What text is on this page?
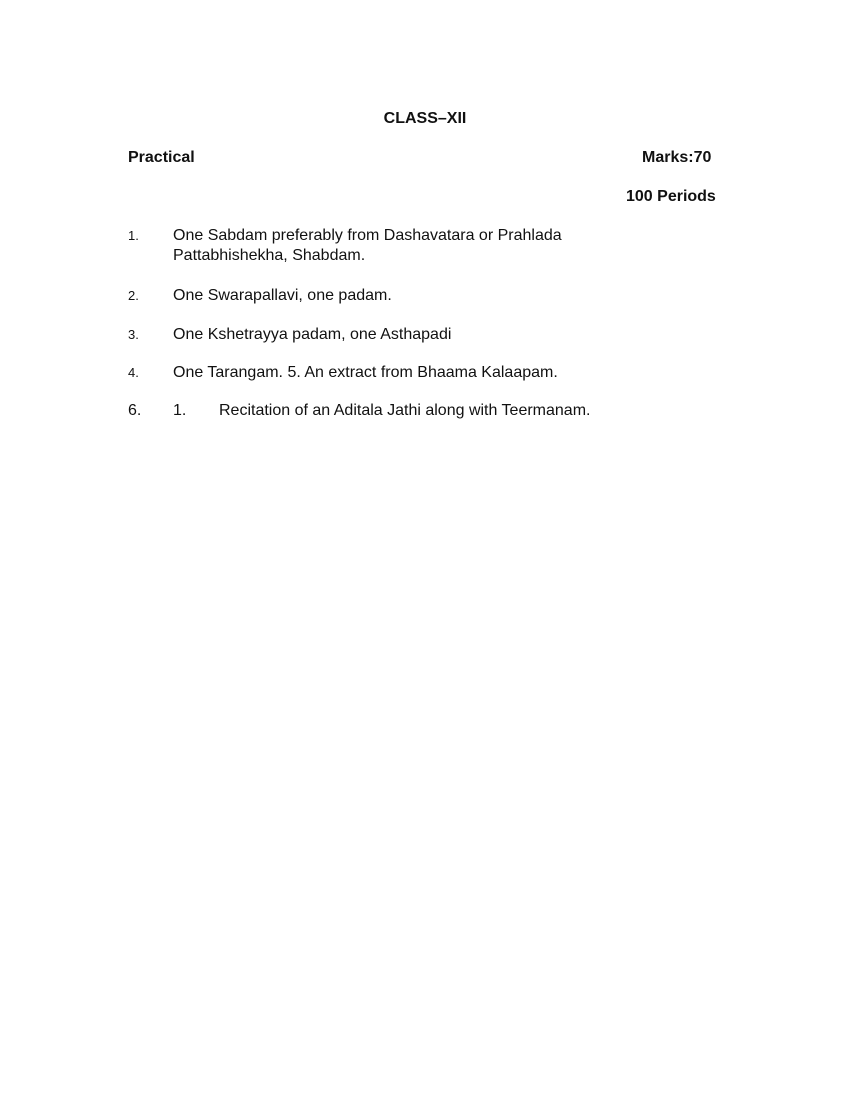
CLASS–XII
Practical	Marks:70
100 Periods
1. One Sabdam preferably from Dashavatara or Prahlada
Pattabhishekha, Shabdam.
2. One Swarapallavi, one padam.
3. One Kshetrayya padam, one Asthapadi
4. One Tarangam. 5. An extract from Bhaama Kalaapam.
6. 1. Recitation of an Aditala Jathi along with Teermanam.
